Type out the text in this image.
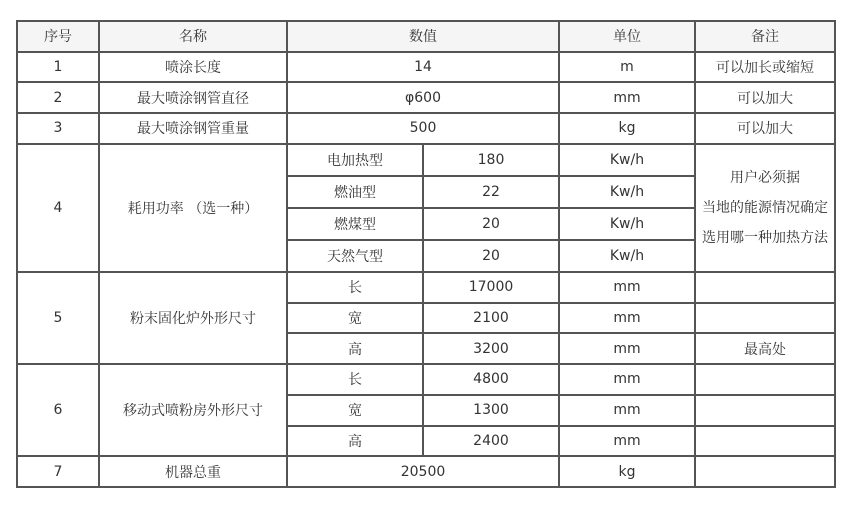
序号	名称	数值		单位	备注
1	喷涂长度	14		m	可以加长或缩短
2	最大喷涂钢管直径	φ600		mm	可以加大
3	最大喷涂钢管重量	500		kg	可以加大
4	耗用功率 （选一种）	电加热型	180	Kw/h	用户必须据
当地的能源情况确定
选用哪一种加热方法

		燃油型	22	Kw/h	
		燃煤型	20	Kw/h	
		天然气型	20	Kw/h	
5	粉末固化炉外形尺寸	长	17000	mm	
		宽	2100	mm	
		高	3200	mm	最高处
6	移动式喷粉房外形尺寸	长	4800	mm	
		宽	1300	mm	
		高	2400	mm	
7	机器总重	20500		kg	
